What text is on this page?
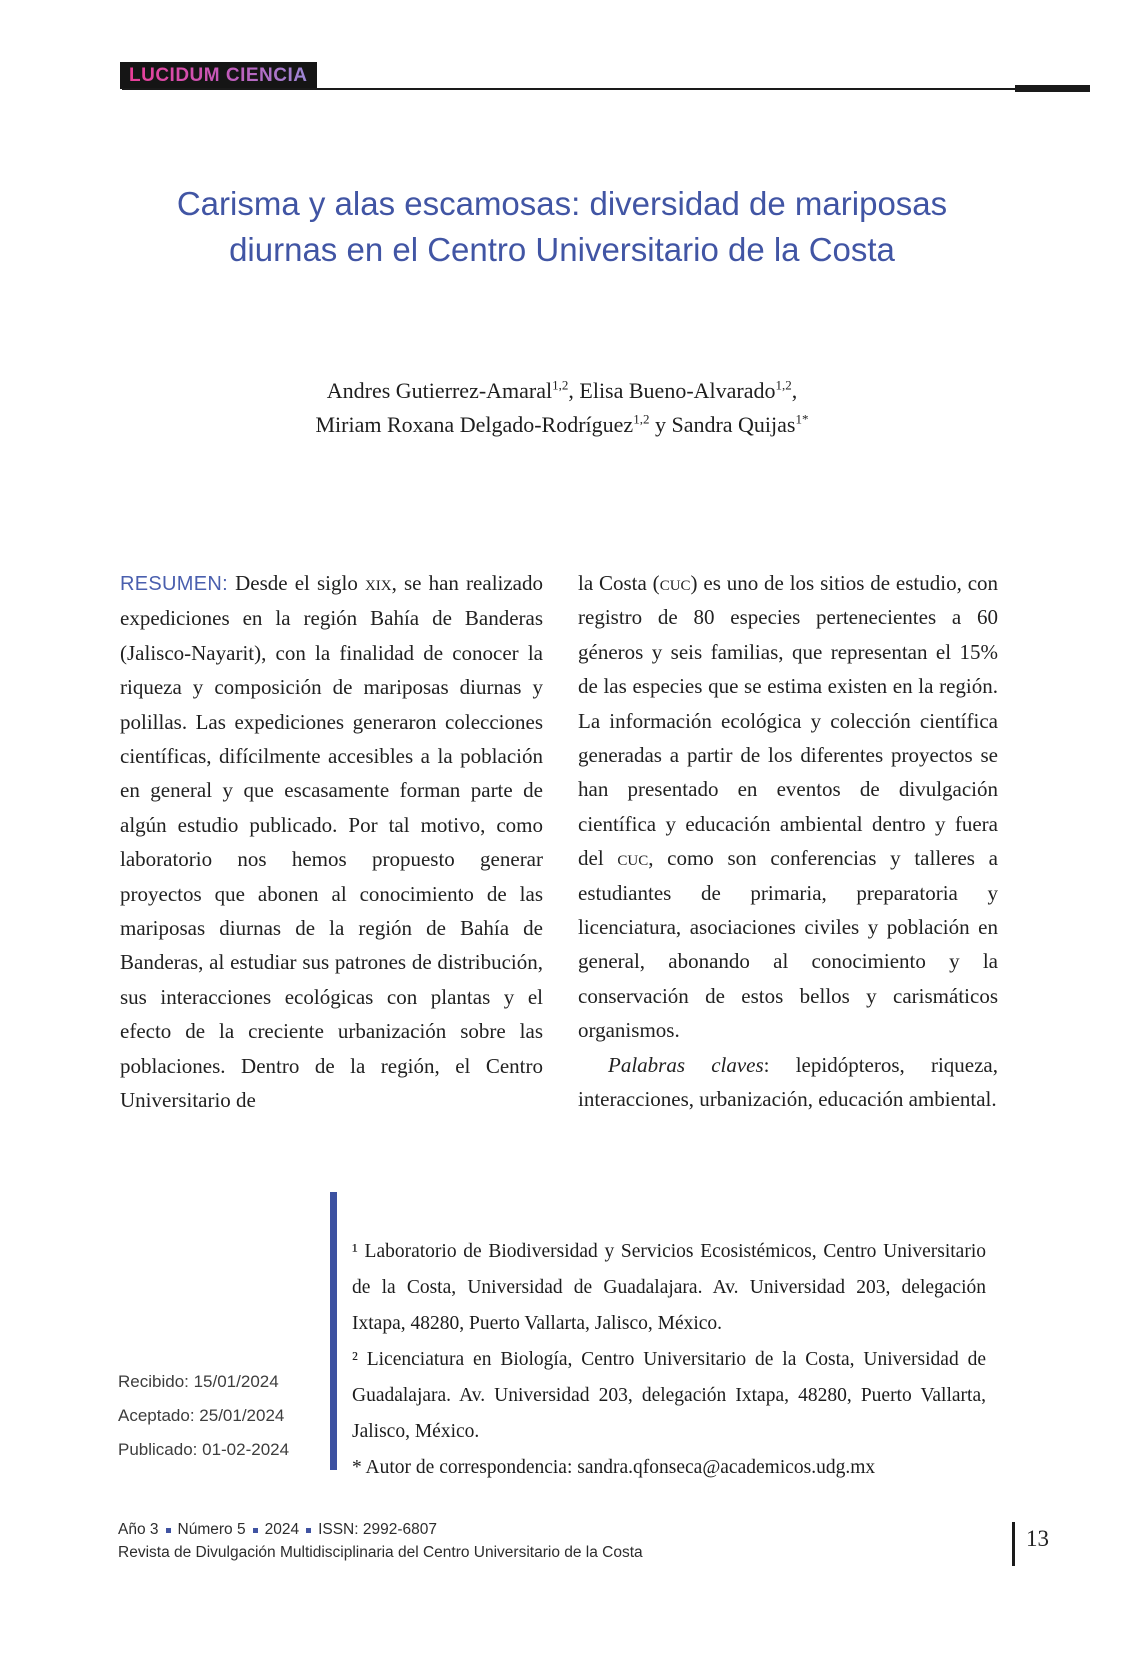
LUCIDUM CIENCIA
Carisma y alas escamosas: diversidad de mariposas
diurnas en el Centro Universitario de la Costa
Andres Gutierrez-Amaral$^{1,2}$, Elisa Bueno-Alvarado$^{1,2}$,
Miriam Roxana Delgado-Rodríguez$^{1,2}$ y Sandra Quijas$^{1*}$

RESUMEN: Desde el siglo xix, se han realizado expediciones en la región Bahía de Banderas (Jalisco-Nayarit), con la finalidad de conocer la riqueza y composición de mariposas diurnas y polillas. Las expediciones generaron colecciones científicas, difícilmente accesibles a la población en general y que escasamente forman parte de algún estudio publicado. Por tal motivo, como laboratorio nos hemos propuesto generar proyectos que abonen al conocimiento de las mariposas diurnas de la región de Bahía de Banderas, al estudiar sus patrones de distribución, sus interacciones ecológicas con plantas y el efecto de la creciente urbanización sobre las poblaciones. Dentro de la región, el Centro Universitario de

la Costa (cuc) es uno de los sitios de estudio, con registro de 80 especies pertenecientes a 60 géneros y seis familias, que representan el 15% de las especies que se estima existen en la región. La información ecológica y colección científica generadas a partir de los diferentes proyectos se han presentado en eventos de divulgación científica y educación ambiental dentro y fuera del cuc, como son conferencias y talleres a estudiantes de primaria, preparatoria y licenciatura, asociaciones civiles y población en general, abonando al conocimiento y la conservación de estos bellos y carismáticos organismos.

Palabras claves: lepidópteros, riqueza, interacciones, urbanización, educación ambiental.

¹ Laboratorio de Biodiversidad y Servicios Ecosistémicos, Centro Universitario de la Costa, Universidad de Guadalajara. Av. Universidad 203, delegación Ixtapa, 48280, Puerto Vallarta, Jalisco, México.

² Licenciatura en Biología, Centro Universitario de la Costa, Universidad de Guadalajara. Av. Universidad 203, delegación Ixtapa, 48280, Puerto Vallarta, Jalisco, México.

* Autor de correspondencia: sandra.qfonseca@academicos.udg.mx

Recibido: 15/01/2024
Aceptado: 25/01/2024
Publicado: 01-02-2024
Año 3 Número 5 2024 ISSN: 2992-6807
Revista de Divulgación Multidisciplinaria del Centro Universitario de la Costa
13
